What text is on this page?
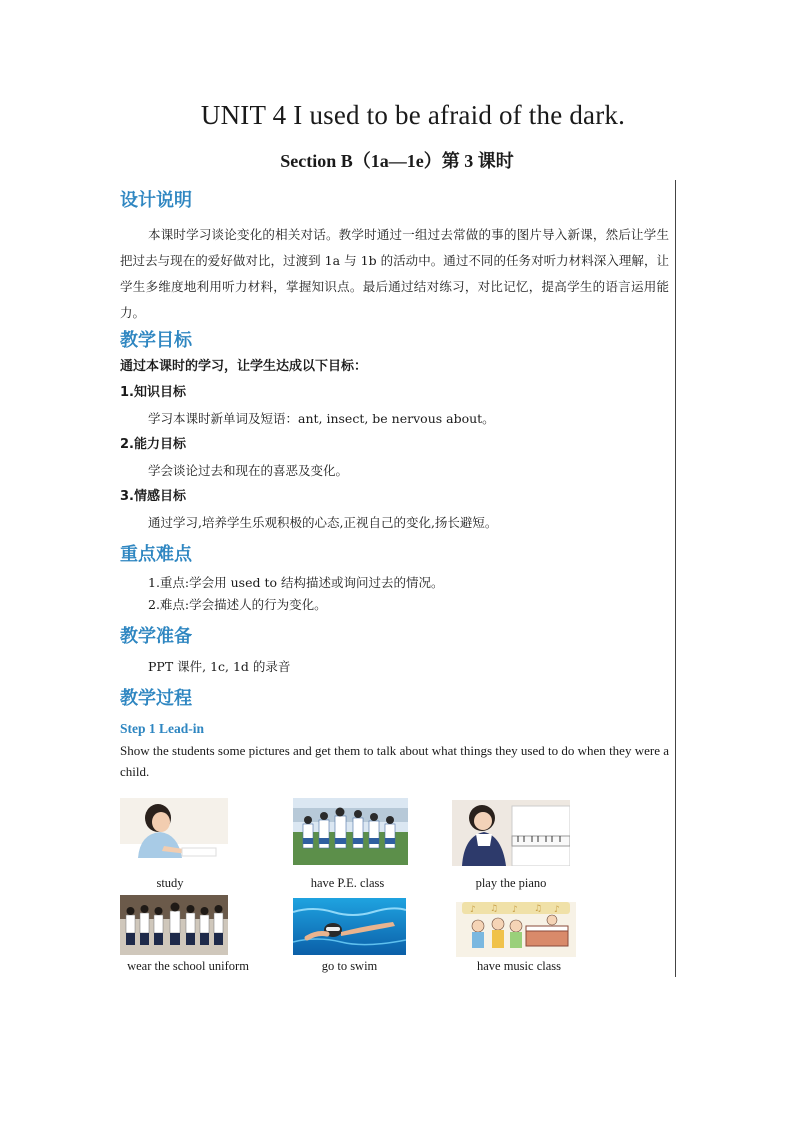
UNIT 4 I used to be afraid of the dark.
Section B（1a—1e）第 3 课时

设计说明

本课时学习谈论变化的相关对话。教学时通过一组过去常做的事的图片导入新课，然后让学生把过去与现在的爱好做对比，过渡到 1a 与 1b 的活动中。通过不同的任务对听力材料深入理解，让学生多维度地利用听力材料，掌握知识点。最后通过结对练习，对比记忆，提高学生的语言运用能力。

教学目标

通过本课时的学习，让学生达成以下目标：

1.知识目标

学习本课时新单词及短语：ant, insect, be nervous about。

2.能力目标

学会谈论过去和现在的喜恶及变化。

3.情感目标

通过学习,培养学生乐观积极的心态,正视自己的变化,扬长避短。

重点难点

1.重点:学会用 used to 结构描述或询问过去的情况。

2.难点:学会描述人的行为变化。

教学准备

PPT 课件, 1c, 1d 的录音

教学过程

Step 1 Lead-in

Show the students some pictures and get them to talk about what things they used to do when they were a child.

study	have P.E. class	play the piano
♪ ♫ ♪ ♫ ♪
wear the school uniform	go to swim	have music class
